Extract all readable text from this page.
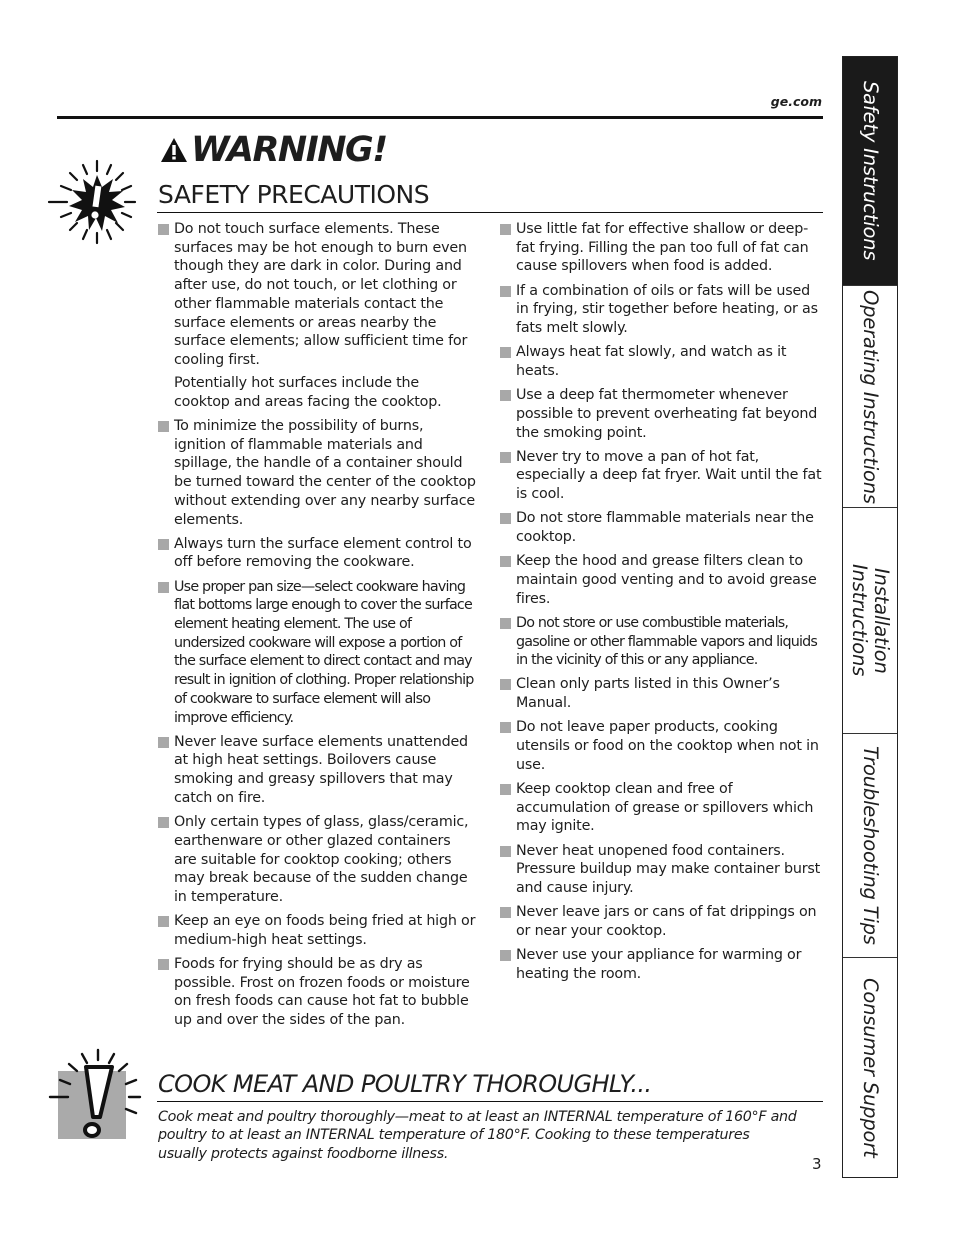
ge.com
WARNING!
SAFETY PRECAUTIONS
Do not touch surface elements. These surfaces may be hot enough to burn even though they are dark in color. During and after use, do not touch, or let clothing or other flammable materials contact the surface elements or areas nearby the surface elements; allow sufficient time for cooling first.
Potentially hot surfaces include the cooktop and areas facing the cooktop.
To minimize the possibility of burns, ignition of flammable materials and spillage, the handle of a container should be turned toward the center of the cooktop without extending over any nearby surface elements.
Always turn the surface element control to off before removing the cookware.
Use proper pan size—select cookware having flat bottoms large enough to cover the surface element heating element. The use of undersized cookware will expose a portion of the surface element to direct contact and may result in ignition of clothing. Proper relationship of cookware to surface element will also improve efficiency.
Never leave surface elements unattended at high heat settings. Boilovers cause smoking and greasy spillovers that may catch on fire.
Only certain types of glass, glass/ceramic, earthenware or other glazed containers are suitable for cooktop cooking; others may break because of the sudden change in temperature.
Keep an eye on foods being fried at high or medium-high heat settings.
Foods for frying should be as dry as possible. Frost on frozen foods or moisture on fresh foods can cause hot fat to bubble up and over the sides of the pan.
Use little fat for effective shallow or deep-fat frying. Filling the pan too full of fat can cause spillovers when food is added.
If a combination of oils or fats will be used in frying, stir together before heating, or as fats melt slowly.
Always heat fat slowly, and watch as it heats.
Use a deep fat thermometer whenever possible to prevent overheating fat beyond the smoking point.
Never try to move a pan of hot fat, especially a deep fat fryer. Wait until the fat is cool.
Do not store flammable materials near the cooktop.
Keep the hood and grease filters clean to maintain good venting and to avoid grease fires.
Do not store or use combustible materials, gasoline or other flammable vapors and liquids in the vicinity of this or any appliance.
Clean only parts listed in this Owner’s Manual.
Do not leave paper products, cooking utensils or food on the cooktop when not in use.
Keep cooktop clean and free of accumulation of grease or spillovers which may ignite.
Never heat unopened food containers. Pressure buildup may make container burst and cause injury.
Never leave jars or cans of fat drippings on or near your cooktop.
Never use your appliance for warming or heating the room.
COOK MEAT AND POULTRY THOROUGHLY...
Cook meat and poultry thoroughly—meat to at least an INTERNAL temperature of 160°F and poultry to at least an INTERNAL temperature of 180°F. Cooking to these temperatures usually protects against foodborne illness.
3
Safety Instructions
Operating Instructions
Installation
Instructions
Troubleshooting Tips
Consumer Support
